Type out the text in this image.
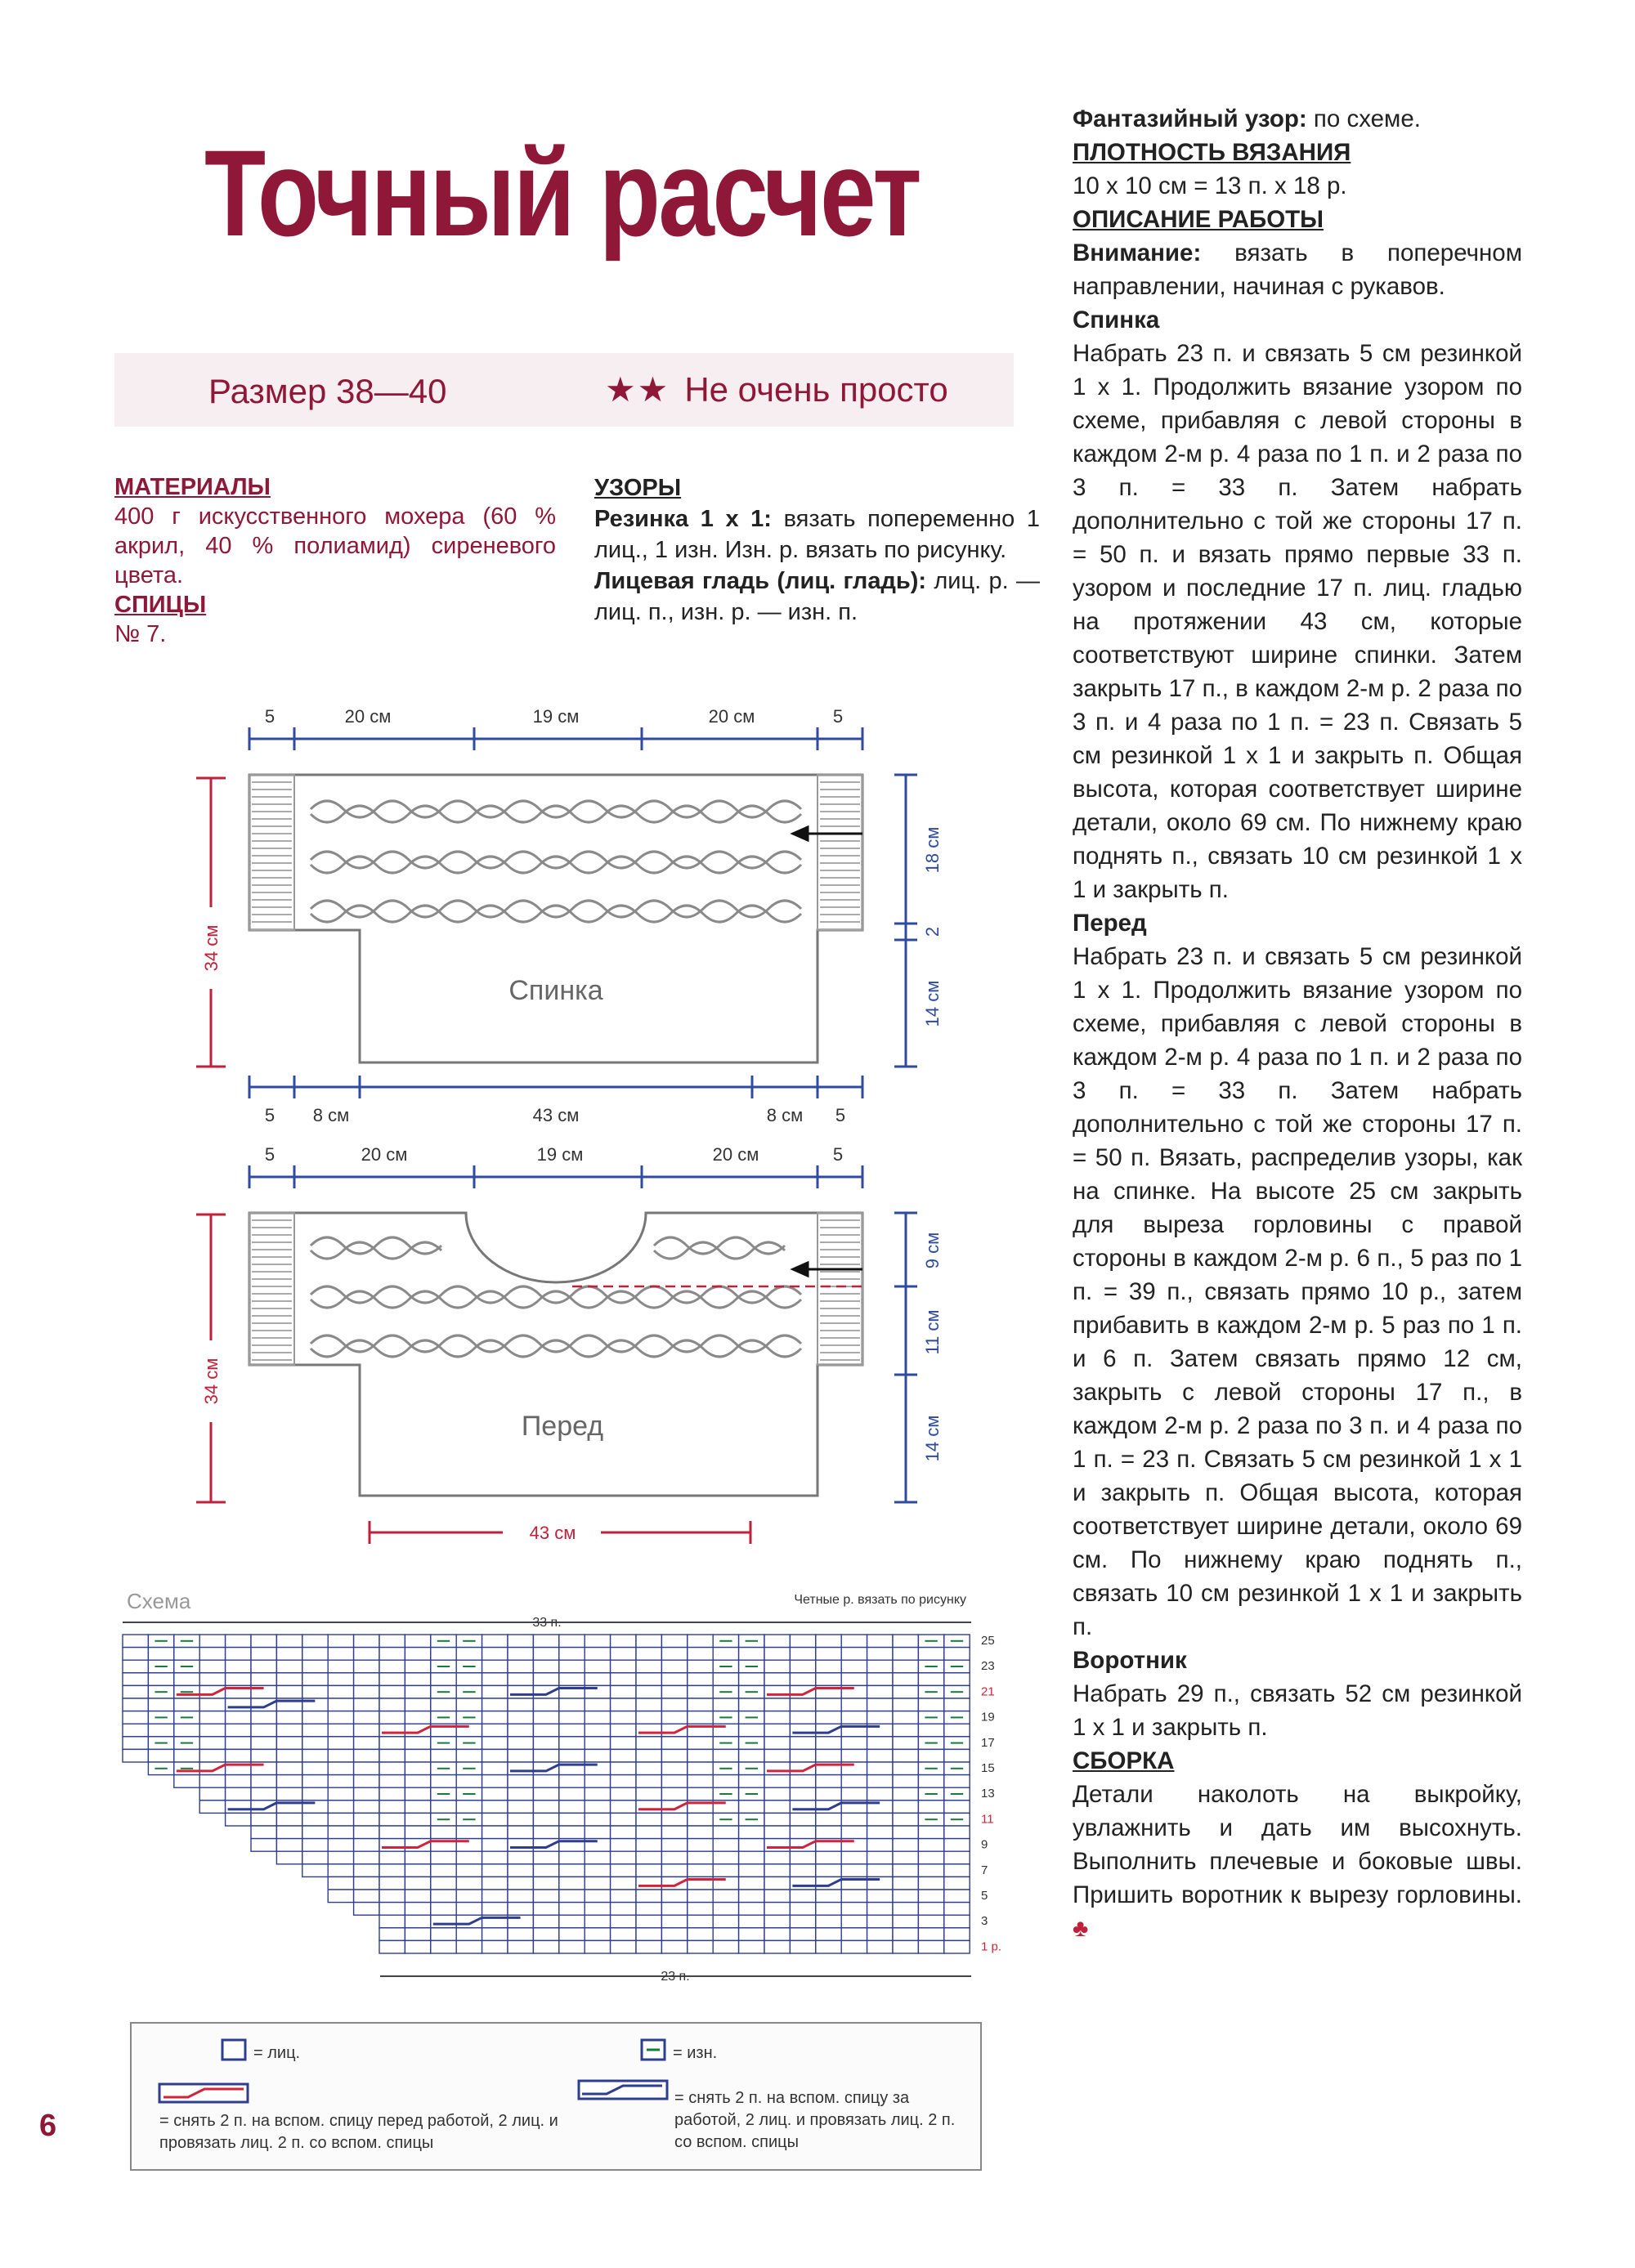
Точный расчет
Размер 38—40	★★ Не очень просто
МАТЕРИАЛЫ
400 г искусственного мохера (60 % акрил, 40 % полиамид) сиреневого цвета.
СПИЦЫ
№ 7.
УЗОРЫ
Резинка 1 х 1: вязать попеременно 1 лиц., 1 изн. Изн. р. вязать по рисунку.
Лицевая гладь (лиц. гладь): лиц. р. — лиц. п., изн. р. — изн. п.
Фантазийный узор: по схеме.
ПЛОТНОСТЬ ВЯЗАНИЯ
10 х 10 см = 13 п. х 18 р.
ОПИСАНИЕ РАБОТЫ
Внимание: вязать в поперечном направлении, начиная с рукавов.
Спинка
Набрать 23 п. и связать 5 см резинкой 1 х 1. Продолжить вязание узором по схеме, прибавляя с левой стороны в каждом 2-м р. 4 раза по 1 п. и 2 раза по 3 п. = 33 п. Затем набрать дополнительно с той же стороны 17 п. = 50 п. и вязать прямо первые 33 п. узором и последние 17 п. лиц. гладью на протяжении 43 см, которые соответствуют ширине спинки. Затем закрыть 17 п., в каждом 2-м р. 2 раза по 3 п. и 4 раза по 1 п. = 23 п. Связать 5 см резинкой 1 х 1 и закрыть п. Общая высота, которая соответствует ширине детали, около 69 см. По нижнему краю поднять п., связать 10 см резинкой 1 х 1 и закрыть п.
Перед
Набрать 23 п. и связать 5 см резинкой 1 х 1. Продолжить вязание узором по схеме, прибавляя с левой стороны в каждом 2-м р. 4 раза по 1 п. и 2 раза по 3 п. = 33 п. Затем набрать дополнительно с той же стороны 17 п. = 50 п. Вязать, распределив узоры, как на спинке. На высоте 25 см закрыть для выреза горловины с правой стороны в каждом 2-м р. 6 п., 5 раз по 1 п. = 39 п., связать прямо 10 р., затем прибавить в каждом 2-м р. 5 раз по 1 п. и 6 п. Затем связать прямо 12 см, закрыть с левой стороны 17 п., в каждом 2-м р. 2 раза по 3 п. и 4 раза по 1 п. = 23 п. Связать 5 см резинкой 1 х 1 и закрыть п. Общая высота, которая соответствует ширине детали, около 69 см. По нижнему краю поднять п., связать 10 см резинкой 1 х 1 и закрыть п.
Воротник
Набрать 29 п., связать 52 см резинкой 1 х 1 и закрыть п.
СБОРКА
Детали наколоть на выкройку, увлажнить и дать им высохнуть. Выполнить плечевые и боковые швы. Пришить воротник к вырезу горловины. ♣
5	20 см	19 см	20 см	5
Спинка
34 см
18 см
2
14 см
5 8 см	43 см	8 см 5
5	20 см	19 см	20 см	5
Перед
34 см
9 см
11 см
14 см
43 см
Схема	Четные р. вязать по рисунку
33 п.
25
23
21
19
17
15
13
11
9
7
5
3
1 р.
23 п.
= лиц.	= изн.
= снять 2 п. на вспом. спицу перед работой, 2 лиц. и провязать лиц. 2 п. со вспом. спицы
= снять 2 п. на вспом. спицу за работой, 2 лиц. и провязать лиц. 2 п. со вспом. спицы
6
